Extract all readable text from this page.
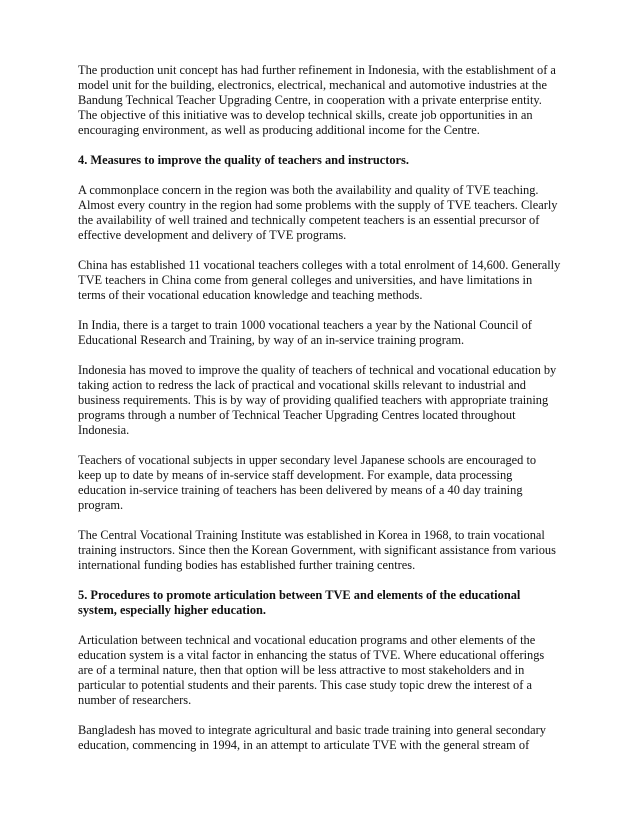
The production unit concept has had further refinement in Indonesia, with the establishment of a
model unit for the building, electronics, electrical, mechanical and automotive industries at the
Bandung Technical Teacher Upgrading Centre, in cooperation with a private enterprise entity.
The objective of this initiative was to develop technical skills, create job opportunities in an
encouraging environment, as well as producing additional income for the Centre.
4. Measures to improve the quality of teachers and instructors.
A commonplace concern in the region was both the availability and quality of TVE teaching.
Almost every country in the region had some problems with the supply of TVE teachers. Clearly
the availability of well trained and technically competent teachers is an essential precursor of
effective development and delivery of TVE programs.
China has established 11 vocational teachers colleges with a total enrolment of 14,600. Generally
TVE teachers in China come from general colleges and universities, and have limitations in
terms of their vocational education knowledge and teaching methods.
In India, there is a target to train 1000 vocational teachers a year by the National Council of
Educational Research and Training, by way of an in-service training program.
Indonesia has moved to improve the quality of teachers of technical and vocational education by
taking action to redress the lack of practical and vocational skills relevant to industrial and
business requirements. This is by way of providing qualified teachers with appropriate training
programs through a number of Technical Teacher Upgrading Centres located throughout
Indonesia.
Teachers of vocational subjects in upper secondary level Japanese schools are encouraged to
keep up to date by means of in-service staff development. For example, data processing
education in-service training of teachers has been delivered by means of a 40 day training
program.
The Central Vocational Training Institute was established in Korea in 1968, to train vocational
training instructors. Since then the Korean Government, with significant assistance from various
international funding bodies has established further training centres.
5. Procedures to promote articulation between TVE and elements of the educational
system, especially higher education.
Articulation between technical and vocational education programs and other elements of the
education system is a vital factor in enhancing the status of TVE. Where educational offerings
are of a terminal nature, then that option will be less attractive to most stakeholders and in
particular to potential students and their parents. This case study topic drew the interest of a
number of researchers.
Bangladesh has moved to integrate agricultural and basic trade training into general secondary
education, commencing in 1994, in an attempt to articulate TVE with the general stream of
